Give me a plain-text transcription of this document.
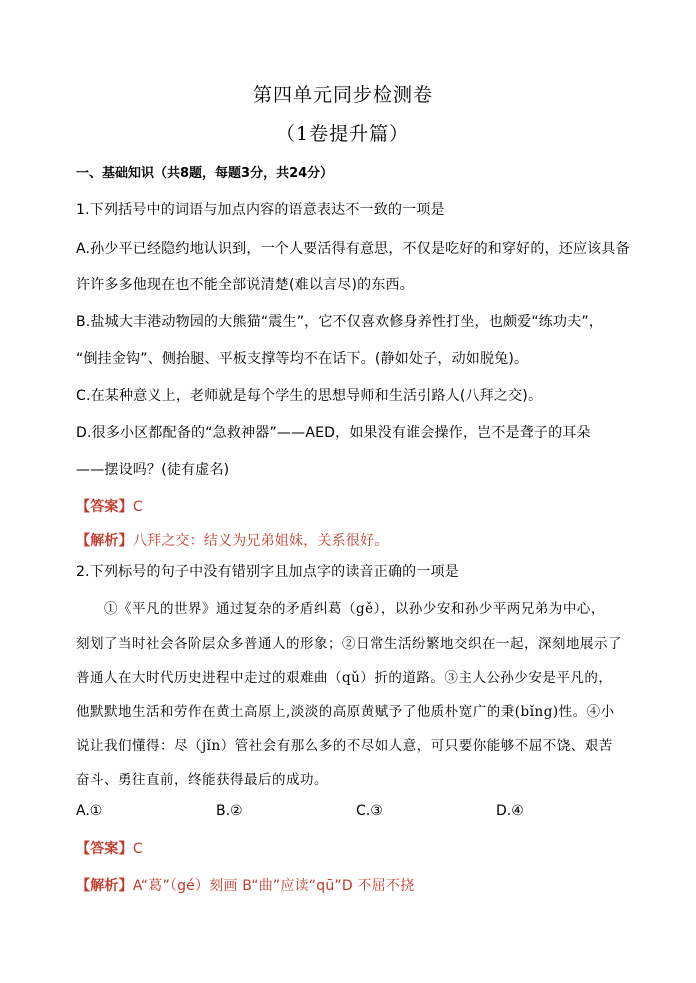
第四单元同步检测卷
（1卷提升篇）
一、基础知识（共8题，每题3分，共24分）
1.下列括号中的词语与加点内容的语意表达不一致的一项是
A.孙少平已经隐约地认识到，一个人要活得有意思，不仅是吃好的和穿好的，还应该具备
许许多多他现在也不能全部说清楚(难以言尽)的东西。
B.盐城大丰港动物园的大熊猫“震生”，它不仅喜欢修身养性打坐，也颇爱“练功夫”，
“倒挂金钩”、侧抬腿、平板支撑等均不在话下。(静如处子，动如脱兔)。
C.在某种意义上，老师就是每个学生的思想导师和生活引路人(八拜之交)。
D.很多小区都配备的“急救神器”——AED，如果没有谁会操作，岂不是聋子的耳朵
——摆设吗？(徒有虚名)
【答案】C
【解析】八拜之交：结义为兄弟姐妹，关系很好。
2.下列标号的句子中没有错别字且加点字的读音正确的一项是
①《平凡的世界》通过复杂的矛盾纠葛（gě），以孙少安和孙少平两兄弟为中心，
刻划了当时社会各阶层众多普通人的形象；②日常生活纷繁地交织在一起，深刻地展示了
普通人在大时代历史进程中走过的艰难曲（qǔ）折的道路。③主人公孙少安是平凡的，
他默默地生活和劳作在黄土高原上,淡淡的高原黄赋予了他质朴宽广的秉(bǐng)性。④小
说让我们懂得：尽（jǐn）管社会有那么多的不尽如人意，可只要你能够不屈不饶、艰苦
奋斗、勇往直前，终能获得最后的成功。
A.①	B.②	C.③	D.④
【答案】C
【解析】A“葛”（gé）刻画 B“曲”应读“qū”D 不屈不挠
